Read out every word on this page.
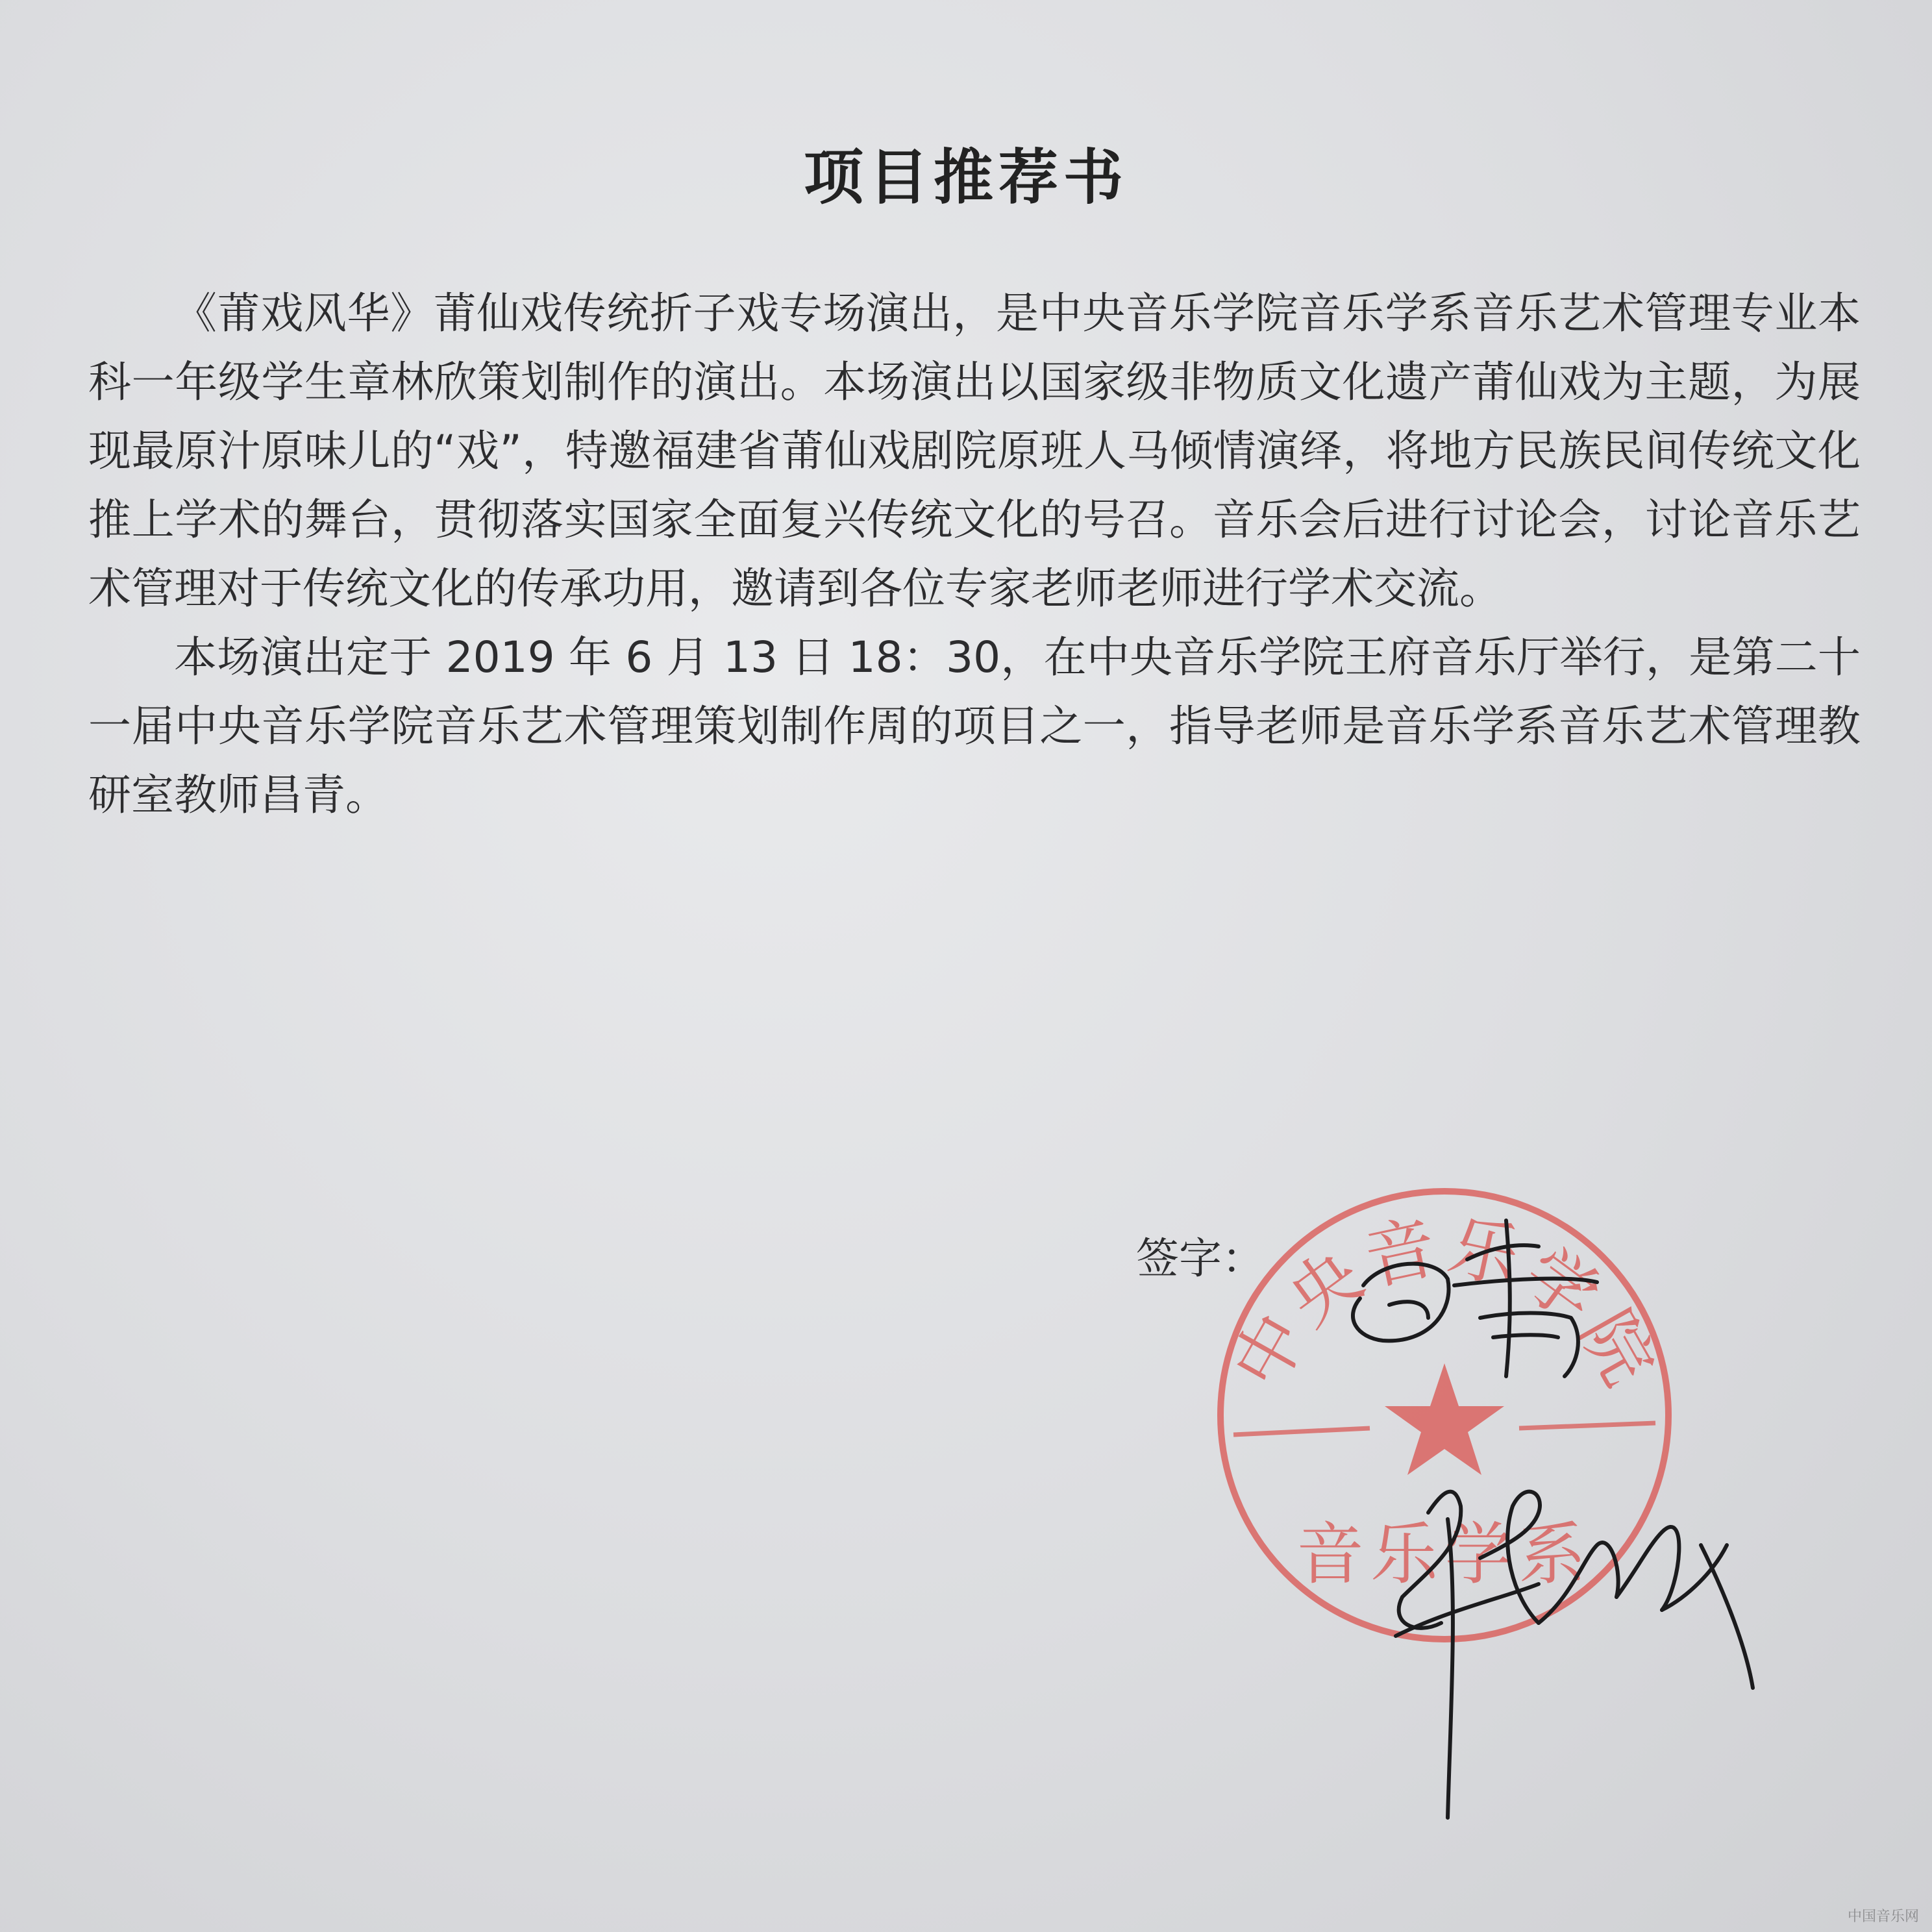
项目推荐书

《莆戏风华》莆仙戏传统折子戏专场演出，是中央音乐学院音乐学系音乐艺术管理专业本科一年级学生章林欣策划制作的演出。本场演出以国家级非物质文化遗产莆仙戏为主题，为展现最原汁原味儿的“戏”，特邀福建省莆仙戏剧院原班人马倾情演绎，将地方民族民间传统文化推上学术的舞台，贯彻落实国家全面复兴传统文化的号召。音乐会后进行讨论会，讨论音乐艺术管理对于传统文化的传承功用，邀请到各位专家老师老师进行学术交流。

本场演出定于 2019 年 6 月 13 日 18：30，在中央音乐学院王府音乐厅举行，是第二十一届中央音乐学院音乐艺术管理策划制作周的项目之一，指导老师是音乐学系音乐艺术管理教研室教师昌青。

签字：
中央音乐学院
音乐学系
中国音乐网
